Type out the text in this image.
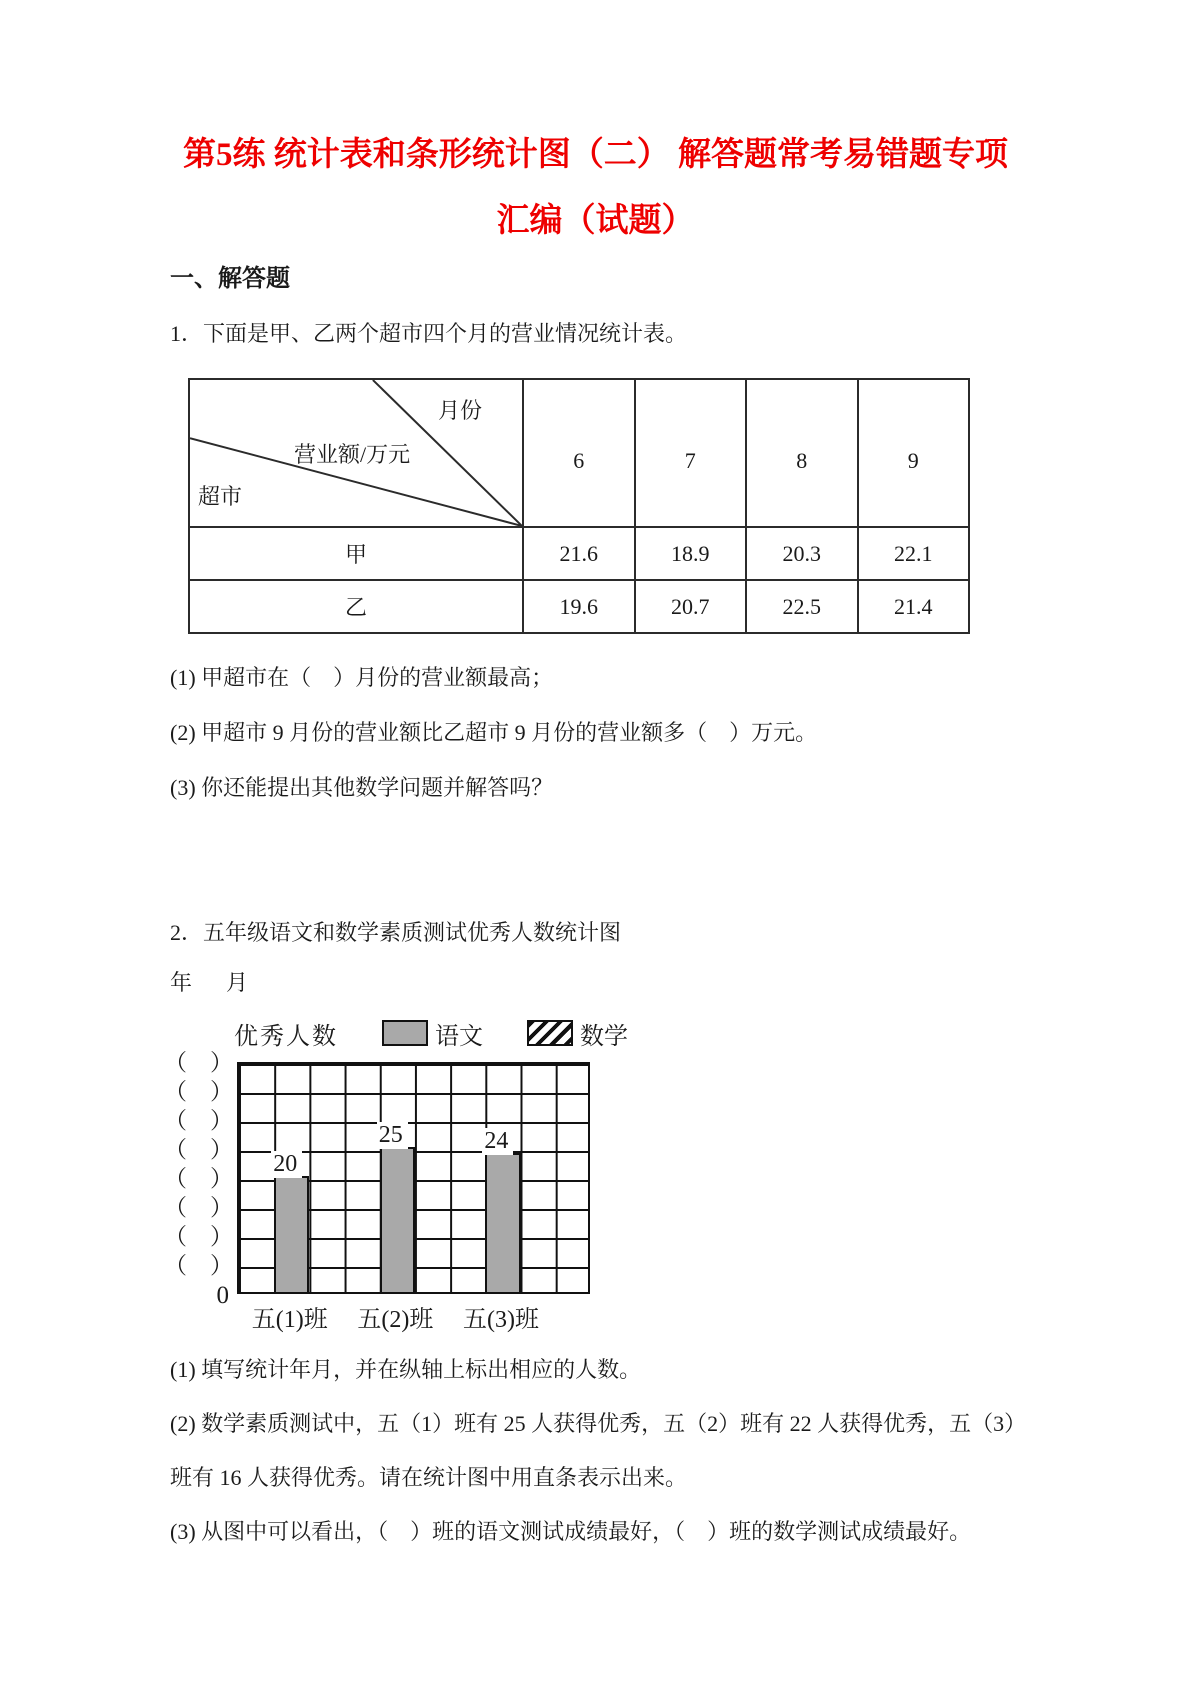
第5练 统计表和条形统计图（二） 解答题常考易错题专项
汇编（试题）
一、解答题
1．下面是甲、乙两个超市四个月的营业情况统计表。
月份
营业额/万元
超市	6	7	8	9
甲	21.6	18.9	20.3	22.1
乙	19.6	20.7	22.5	21.4

(1) 甲超市在（　）月份的营业额最高；

(2) 甲超市 9 月份的营业额比乙超市 9 月份的营业额多（　）万元。

(3) 你还能提出其他数学问题并解答吗？

2．五年级语文和数学素质测试优秀人数统计图
年　月
优秀人数	语文	数学
（　）
（　）
（　）
（　）
（　）
（　）
（　）
（　）
0
20
25	24
五(1)班	五(2)班	五(3)班

(1) 填写统计年月，并在纵轴上标出相应的人数。

(2) 数学素质测试中，五（1）班有 25 人获得优秀，五（2）班有 22 人获得优秀，五（3）班有 16 人获得优秀。请在统计图中用直条表示出来。

(3) 从图中可以看出，（　）班的语文测试成绩最好，（　）班的数学测试成绩最好。
